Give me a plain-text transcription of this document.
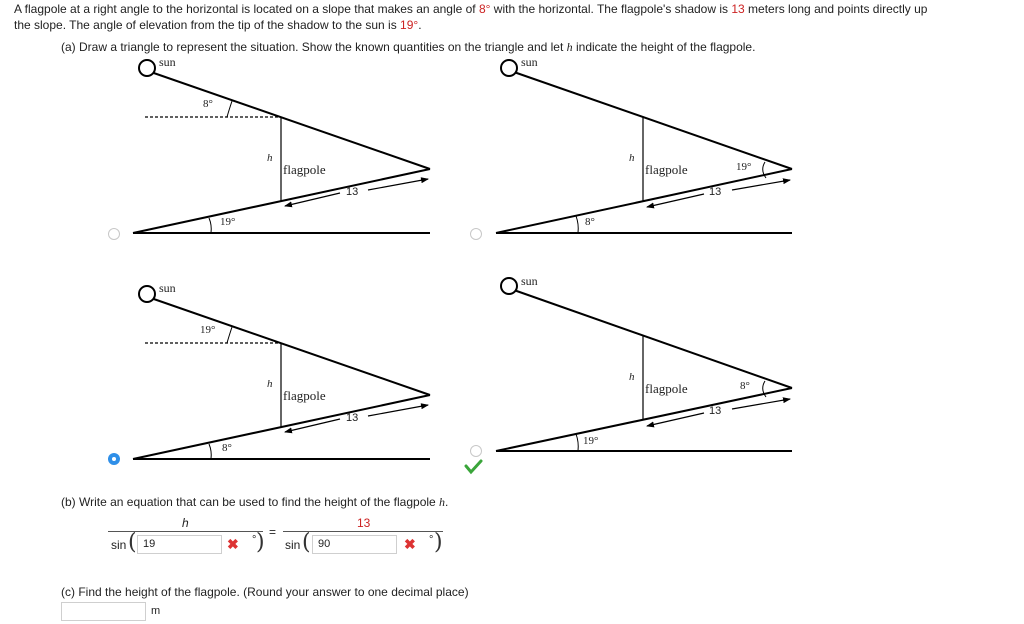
A flagpole at a right angle to the horizontal is located on a slope that makes an angle of 8° with the horizontal. The flagpole's shadow is 13 meters long and points directly up
the slope. The angle of elevation from the tip of the shadow to the sun is 19°.
(a) Draw a triangle to represent the situation. Show the known quantities on the triangle and let h indicate the height of the flagpole.
sun
8°
19°
h
flagpole
13
sun
19°
8°
h
flagpole
13
sun
19°
8°
h
flagpole
13
sun
8°
19°
h
flagpole
13
(b) Write an equation that can be used to find the height of the flagpole h.
h
sin ( 19	✖ ° ) =
13
sin ( 90	✖ ° )
(c) Find the height of the flagpole. (Round your answer to one decimal place)
m
